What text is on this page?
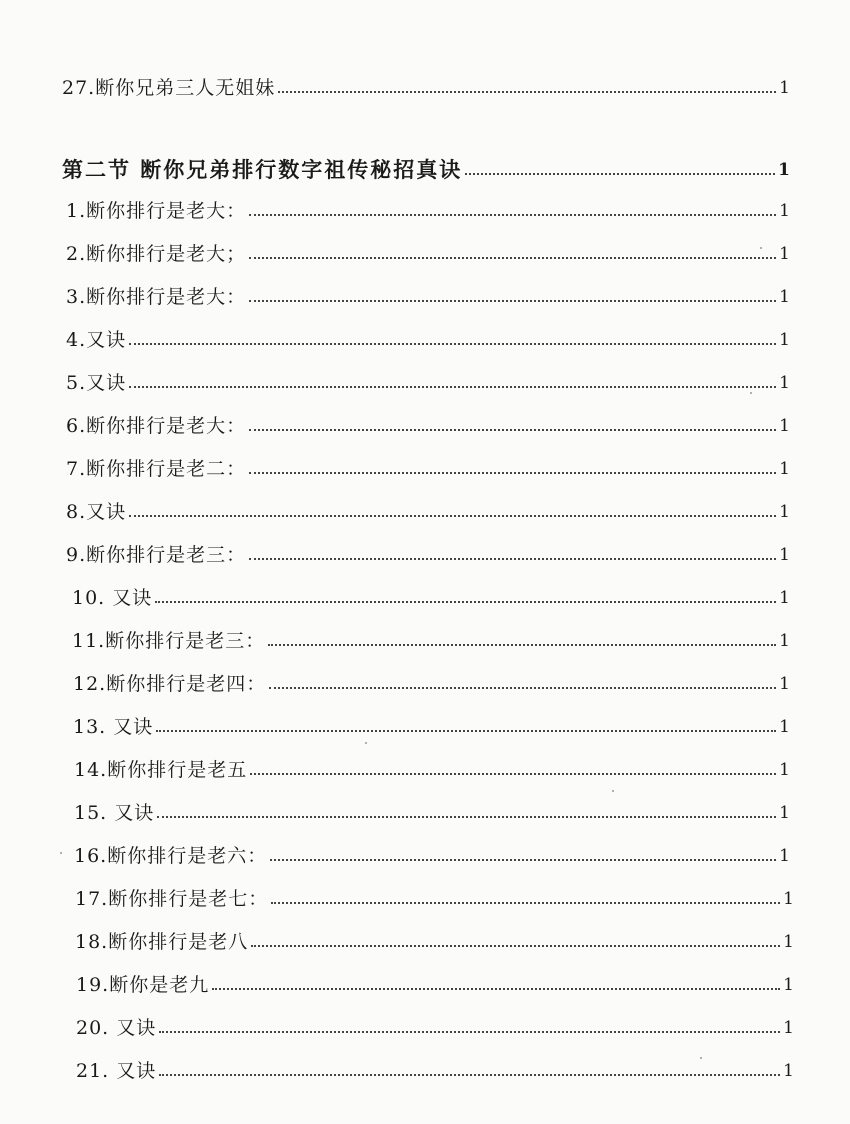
27.断你兄弟三人无姐妹	1
第二节 断你兄弟排行数字祖传秘招真诀	1
1.断你排行是老大：	1
2.断你排行是老大；	1
3.断你排行是老大：	1
4.又诀	1
5.又诀	1
6.断你排行是老大：	1
7.断你排行是老二：	1
8.又诀	1
9.断你排行是老三：	1
10. 又诀	1
11.断你排行是老三：	1
12.断你排行是老四：	1
13. 又诀	1
14.断你排行是老五	1
15. 又诀	1
16.断你排行是老六：	1
17.断你排行是老七：	1
18.断你排行是老八	1
19.断你是老九	1
20. 又诀	1
21. 又诀	1
